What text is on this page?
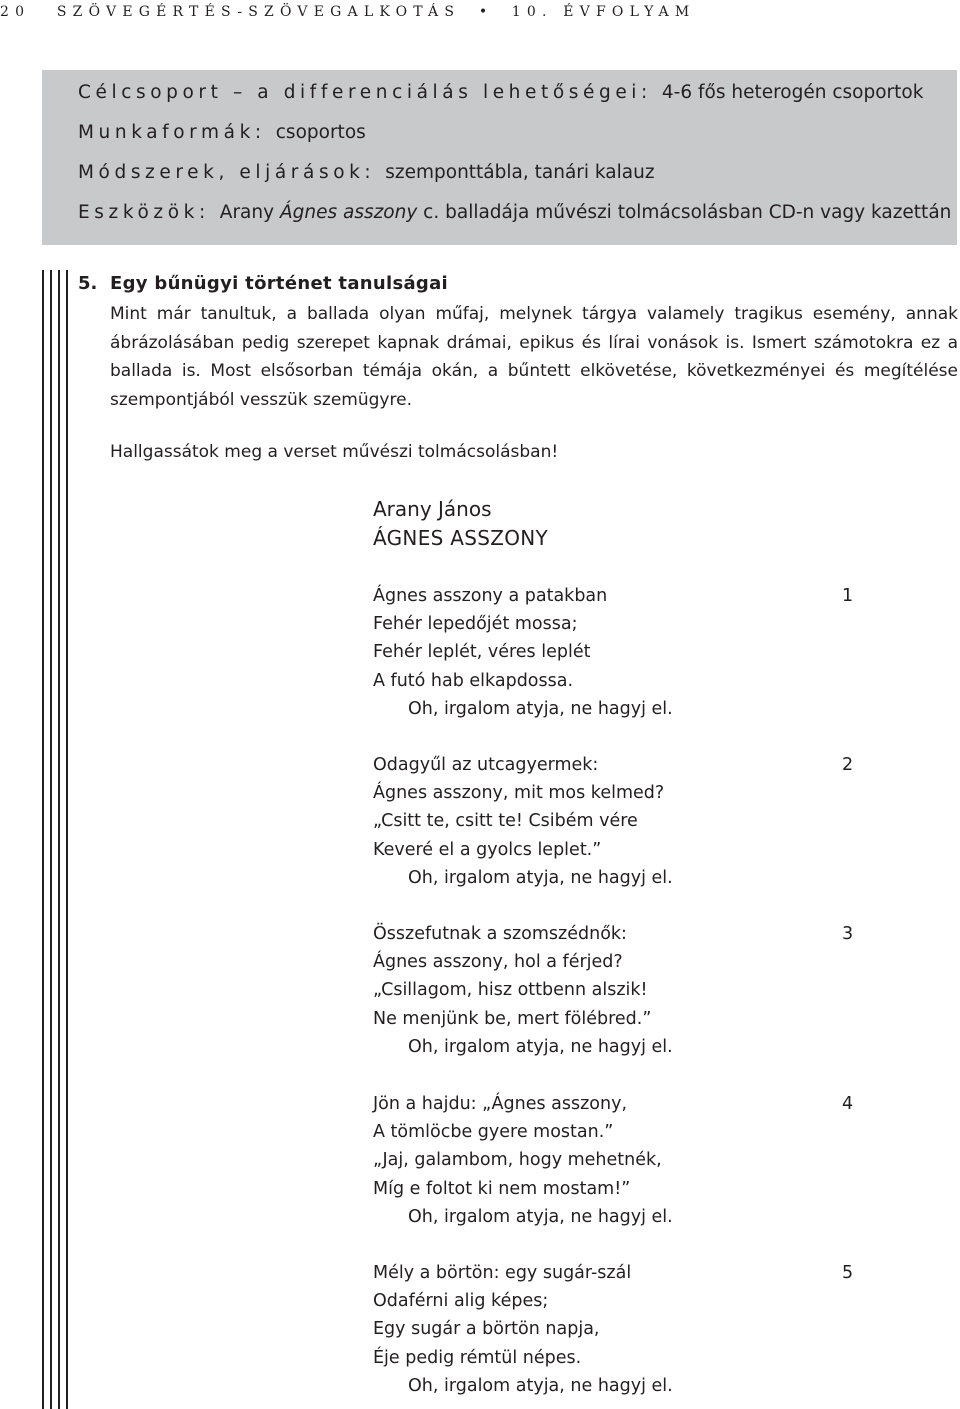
20 SZÖVEGÉRTÉS-SZÖVEGALKOTÁS • 10. ÉVFOLYAM
Célcsoport – a differenciálás lehetőségei: 4-6 fős heterogén csoportok
Munkaformák: csoportos
Módszerek, eljárások: szemponttábla, tanári kalauz
Eszközök: Arany Ágnes asszony c. balladája művészi tolmácsolásban CD-n vagy kazettán
5. Egy bűnügyi történet tanulságai
Mint már tanultuk, a ballada olyan műfaj, melynek tárgya valamely tragikus esemény, annak ábrázolásában pedig szerepet kapnak drámai, epikus és lírai vonások is. Ismert számotokra ez a ballada is. Most elsősorban témája okán, a bűntett elkövetése, következményei és megítélése szempontjából vesszük szemügyre.
Hallgassátok meg a verset művészi tolmácsolásban!
Arany János
ÁGNES ASSZONY
Ágnes asszony a patakban
Fehér lepedőjét mossa;
Fehér leplét, véres leplét
A futó hab elkapdossa.
Oh, irgalom atyja, ne hagyj el.
1
Odagyűl az utcagyermek:
Ágnes asszony, mit mos kelmed?
„Csitt te, csitt te! Csibém vére
Keveré el a gyolcs leplet.”
Oh, irgalom atyja, ne hagyj el.
2
Összefutnak a szomszédnők:
Ágnes asszony, hol a férjed?
„Csillagom, hisz ottbenn alszik!
Ne menjünk be, mert fölébred.”
Oh, irgalom atyja, ne hagyj el.
3
Jön a hajdu: „Ágnes asszony,
A tömlöcbe gyere mostan.”
„Jaj, galambom, hogy mehetnék,
Míg e foltot ki nem mostam!”
Oh, irgalom atyja, ne hagyj el.
4
Mély a börtön: egy sugár-szál
Odaférni alig képes;
Egy sugár a börtön napja,
Éje pedig rémtül népes.
Oh, irgalom atyja, ne hagyj el.
5
